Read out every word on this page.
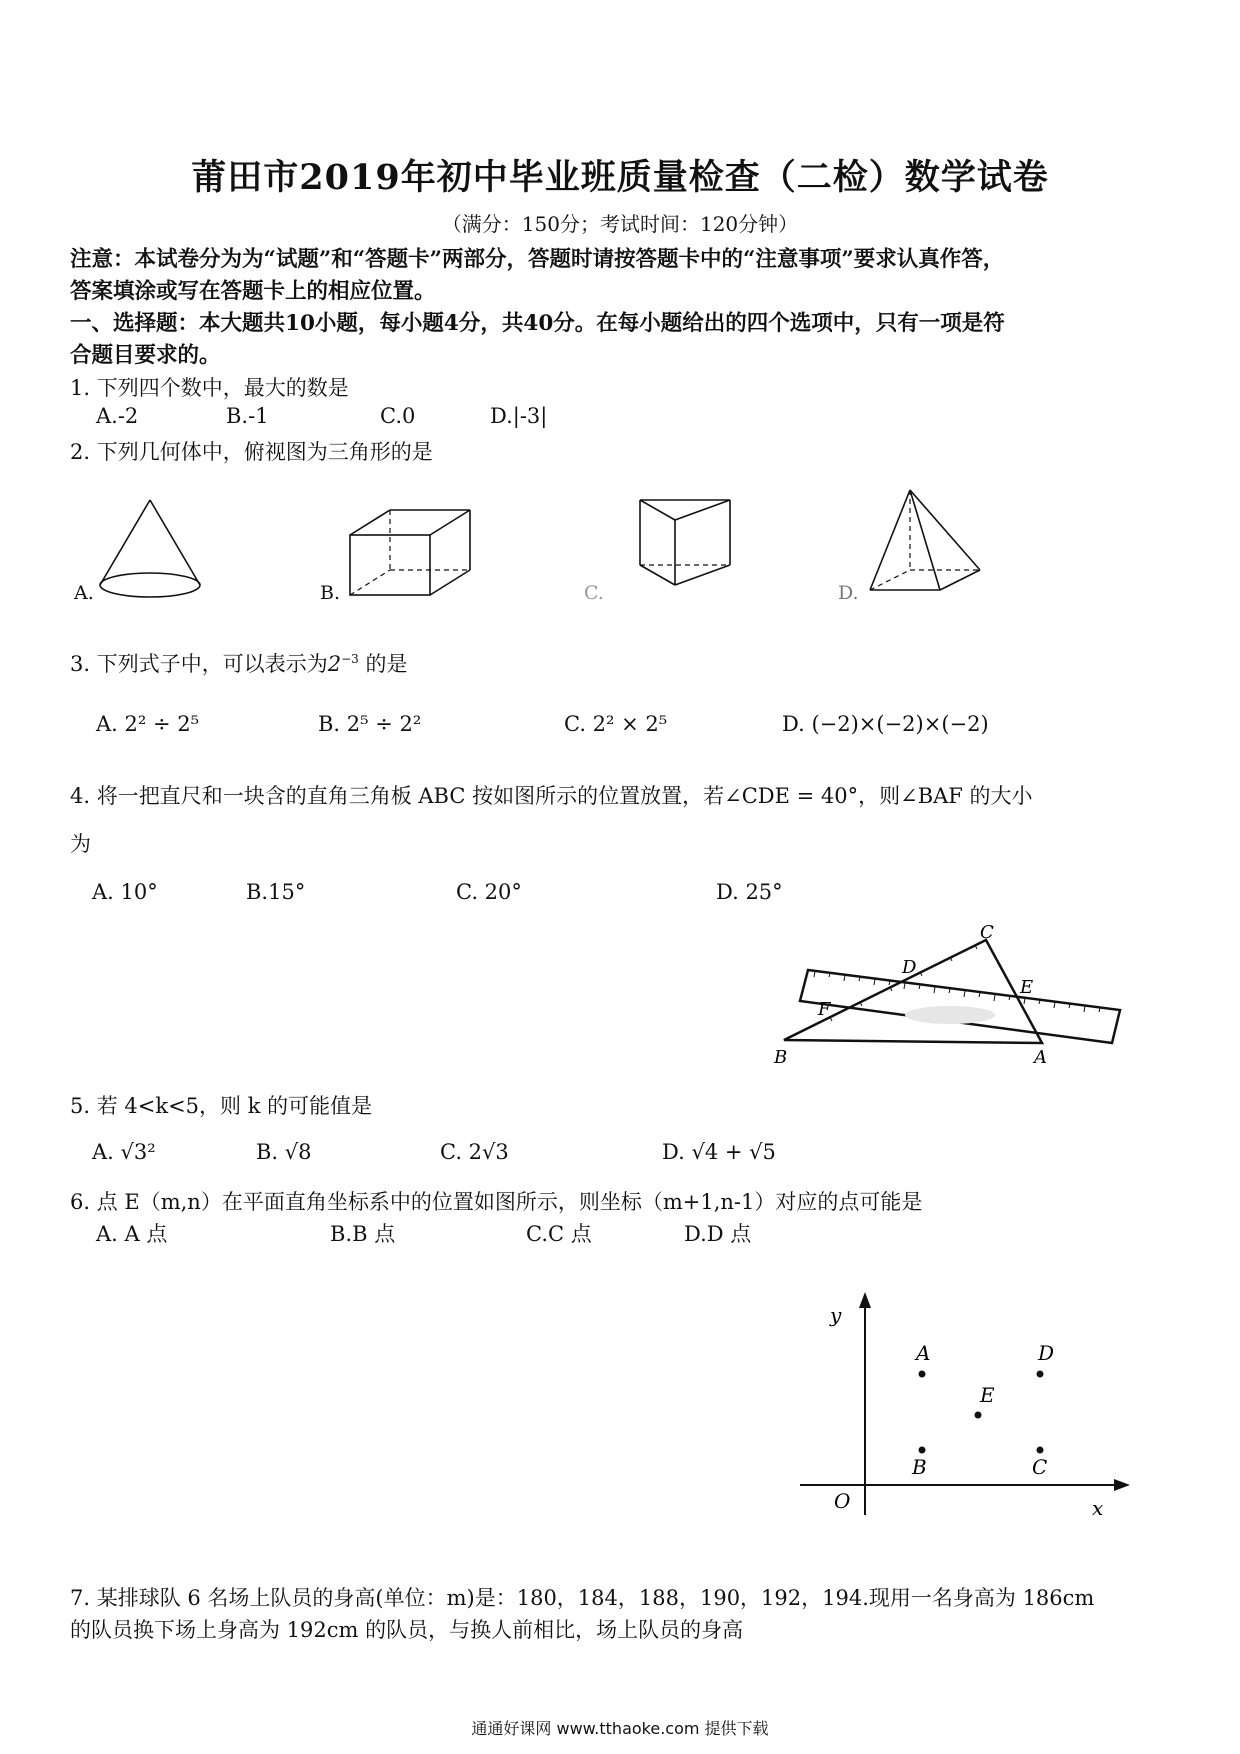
莆田市2019年初中毕业班质量检查（二检）数学试卷
（满分：150分；考试时间：120分钟）
注意：本试卷分为为“试题”和“答题卡”两部分，答题时请按答题卡中的“注意事项”要求认真作答，
答案填涂或写在答题卡上的相应位置。
一、选择题：本大题共10小题，每小题4分，共40分。在每小题给出的四个选项中，只有一项是符
合题目要求的。
1. 下列四个数中，最大的数是
A.-2	B.-1	C.0	D.|-3|
2. 下列几何体中，俯视图为三角形的是
A.	B.	C.	D.
3. 下列式子中，可以表示为$2^{-3}$ 的是
A. 2² ÷ 2⁵	B. 2⁵ ÷ 2²	C. 2² × 2⁵	D. (−2)×(−2)×(−2)
4. 将一把直尺和一块含的直角三角板 ABC 按如图所示的位置放置，若∠CDE = 40°，则∠BAF 的大小
为
A. 10°	B.15°	C. 20°	D. 25°
C
D
E
F
B	A
5. 若 4<k<5，则 k 的可能值是
A. √3²	B. √8	C. 2√3	D. √4 + √5
6. 点 E（m,n）在平面直角坐标系中的位置如图所示，则坐标（m+1,n-1）对应的点可能是
A. A 点	B.B 点	C.C 点	D.D 点
y
x
O
A	D
E
B	C
7. 某排球队 6 名场上队员的身高(单位：m)是：180，184，188，190，192，194.现用一名身高为 186cm
的队员换下场上身高为 192cm 的队员，与换人前相比，场上队员的身高
通通好课网 www.tthaoke.com 提供下载
